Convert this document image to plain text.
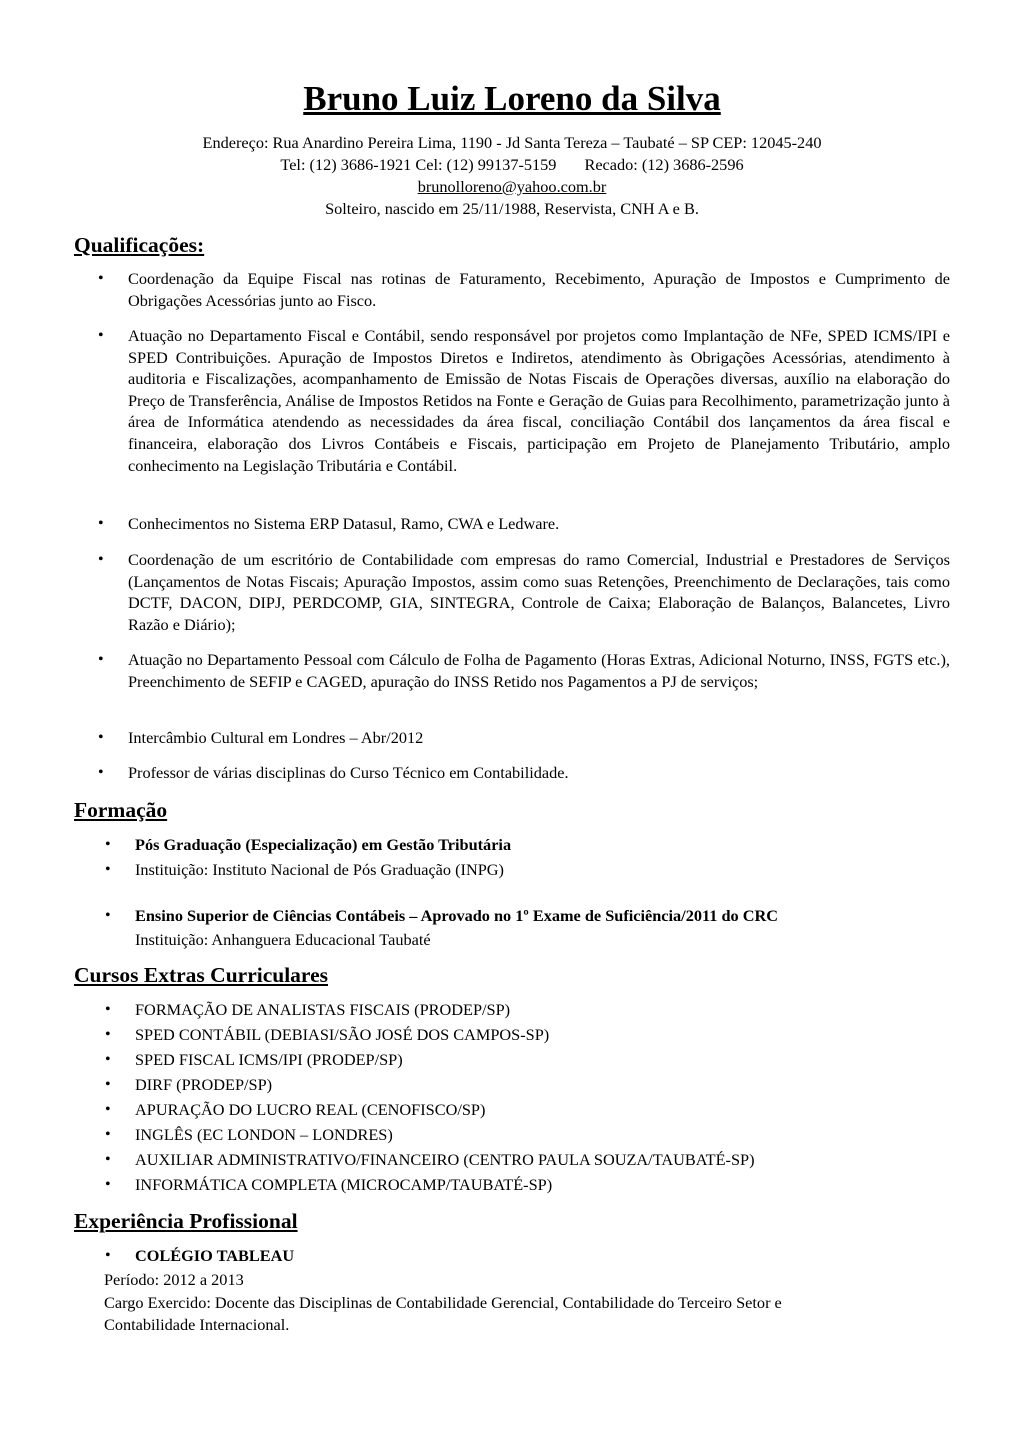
Bruno Luiz Loreno da Silva
Endereço: Rua Anardino Pereira Lima, 1190 - Jd Santa Tereza – Taubaté – SP CEP: 12045-240
Tel: (12) 3686-1921 Cel: (12) 99137-5159 Recado: (12) 3686-2596
brunolloreno@yahoo.com.br
Solteiro, nascido em 25/11/1988, Reservista, CNH A e B.
Qualificações:
• Coordenação da Equipe Fiscal nas rotinas de Faturamento, Recebimento, Apuração de Impostos e Cumprimento de Obrigações Acessórias junto ao Fisco.
• Atuação no Departamento Fiscal e Contábil, sendo responsável por projetos como Implantação de NFe, SPED ICMS/IPI e SPED Contribuições. Apuração de Impostos Diretos e Indiretos, atendimento às Obrigações Acessórias, atendimento à auditoria e Fiscalizações, acompanhamento de Emissão de Notas Fiscais de Operações diversas, auxílio na elaboração do Preço de Transferência, Análise de Impostos Retidos na Fonte e Geração de Guias para Recolhimento, parametrização junto à área de Informática atendendo as necessidades da área fiscal, conciliação Contábil dos lançamentos da área fiscal e financeira, elaboração dos Livros Contábeis e Fiscais, participação em Projeto de Planejamento Tributário, amplo conhecimento na Legislação Tributária e Contábil.
• Conhecimentos no Sistema ERP Datasul, Ramo, CWA e Ledware.
• Coordenação de um escritório de Contabilidade com empresas do ramo Comercial, Industrial e Prestadores de Serviços (Lançamentos de Notas Fiscais; Apuração Impostos, assim como suas Retenções, Preenchimento de Declarações, tais como DCTF, DACON, DIPJ, PERDCOMP, GIA, SINTEGRA, Controle de Caixa; Elaboração de Balanços, Balancetes, Livro Razão e Diário);
• Atuação no Departamento Pessoal com Cálculo de Folha de Pagamento (Horas Extras, Adicional Noturno, INSS, FGTS etc.), Preenchimento de SEFIP e CAGED, apuração do INSS Retido nos Pagamentos a PJ de serviços;
• Intercâmbio Cultural em Londres – Abr/2012
• Professor de várias disciplinas do Curso Técnico em Contabilidade.
Formação
• Pós Graduação (Especialização) em Gestão Tributária
• Instituição: Instituto Nacional de Pós Graduação (INPG)
• Ensino Superior de Ciências Contábeis – Aprovado no 1º Exame de Suficiência/2011 do CRC
Instituição: Anhanguera Educacional Taubaté
Cursos Extras Curriculares
• FORMAÇÃO DE ANALISTAS FISCAIS (PRODEP/SP)
• SPED CONTÁBIL (DEBIASI/SÃO JOSÉ DOS CAMPOS-SP)
• SPED FISCAL ICMS/IPI (PRODEP/SP)
• DIRF (PRODEP/SP)
• APURAÇÃO DO LUCRO REAL (CENOFISCO/SP)
• INGLÊS (EC LONDON – LONDRES)
• AUXILIAR ADMINISTRATIVO/FINANCEIRO (CENTRO PAULA SOUZA/TAUBATÉ-SP)
• INFORMÁTICA COMPLETA (MICROCAMP/TAUBATÉ-SP)
Experiência Profissional
• COLÉGIO TABLEAU
Período: 2012 a 2013
Cargo Exercido: Docente das Disciplinas de Contabilidade Gerencial, Contabilidade do Terceiro Setor e
Contabilidade Internacional.
